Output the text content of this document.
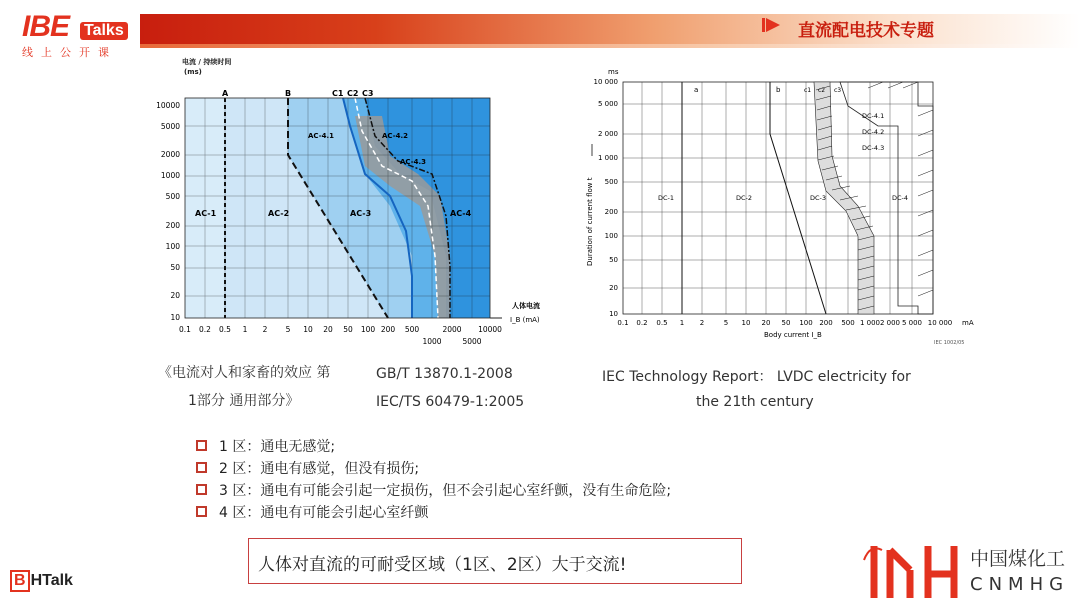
IBE Talks
线上公开课
直流配电技术专题
电流 / 持续时间
(ms)
A	B	C1 C2 C3
AC-1	AC-2	AC-3	AC-4
AC-4.1	AC-4.2
AC-4.3
10000
5000
2000
1000
500
200
100
50
20
10
0.1 0.2 0.5 1 2 5 10 20 50 100 200 500
1000
2000
5000
10000
人体电流
I_B (mA)
ms
a	b	c1 c2 c3
DC-1	DC-2	DC-3	DC-4
DC-4.1
DC-4.2
DC-4.3
10 000
5 000
2 000
1 000
500
200
100
50
20
10
Duration of current flow t
0.1 0.2 0.5 1 2	5 10 20 50 100 200 500 1 000 2 000 5 000 10 000 mA
Body current I_B
IEC 1002/05
《电流对人和家畜的效应 第
1部分 通用部分》
GB/T 13870.1-2008
IEC/TS 60479-1:2005
IEC Technology Report： LVDC electricity for
the 21th century
1 区：通电无感觉;
2 区：通电有感觉，但没有损伤;
3 区：通电有可能会引起一定损伤，但不会引起心室纤颤，没有生命危险;
4 区：通电有可能会引起心室纤颤
人体对直流的可耐受区域（1区、2区）大于交流!
B HTalk
中国煤化工
CNMHG
